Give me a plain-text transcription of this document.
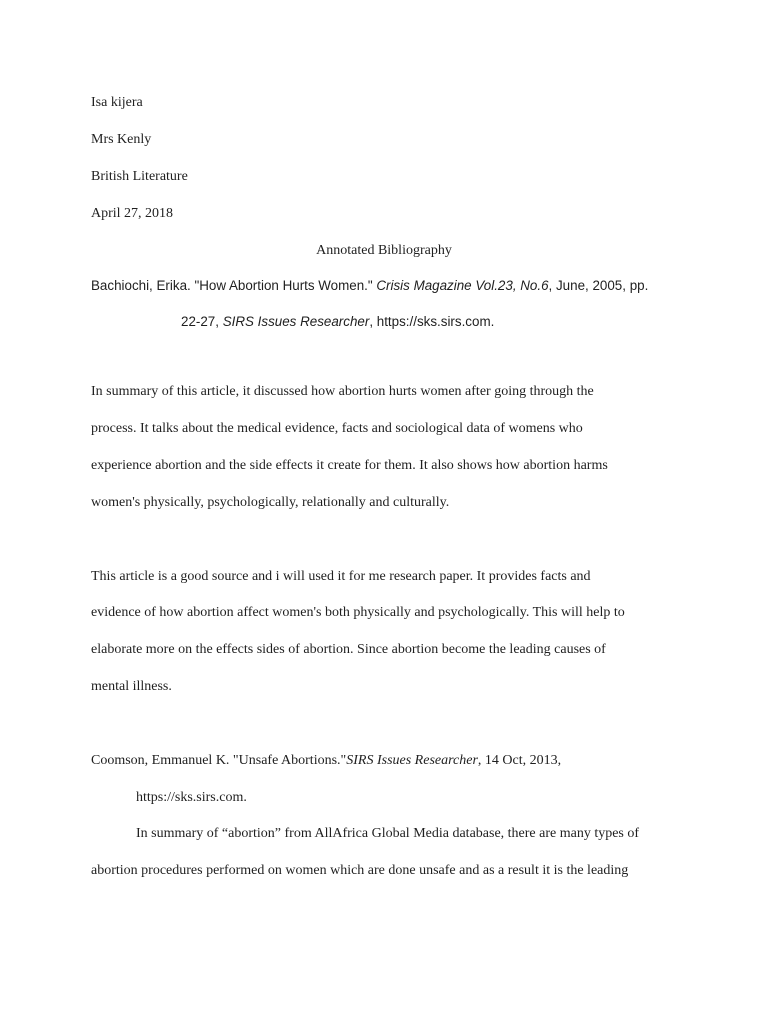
Isa kijera
Mrs Kenly
British Literature
April 27, 2018
Annotated Bibliography
Bachiochi, Erika. "How Abortion Hurts Women." Crisis Magazine Vol.23, No.6, June, 2005, pp.
22-27, SIRS Issues Researcher, https://sks.sirs.com.
In summary of this article, it discussed how abortion hurts women after going through the
process. It talks about the medical evidence, facts and sociological data of womens who
experience abortion and the side effects it create for them. It also shows how abortion harms
women's physically, psychologically, relationally and culturally.
This article is a good source and i will used it for me research paper. It provides facts and
evidence of how abortion affect women's both physically and psychologically. This will help to
elaborate more on the effects sides of abortion. Since abortion become the leading causes of
mental illness.
Coomson, Emmanuel K. "Unsafe Abortions."SIRS Issues Researcher, 14 Oct, 2013,
https://sks.sirs.com.
In summary of “abortion” from AllAfrica Global Media database, there are many types of
abortion procedures performed on women which are done unsafe and as a result it is the leading
